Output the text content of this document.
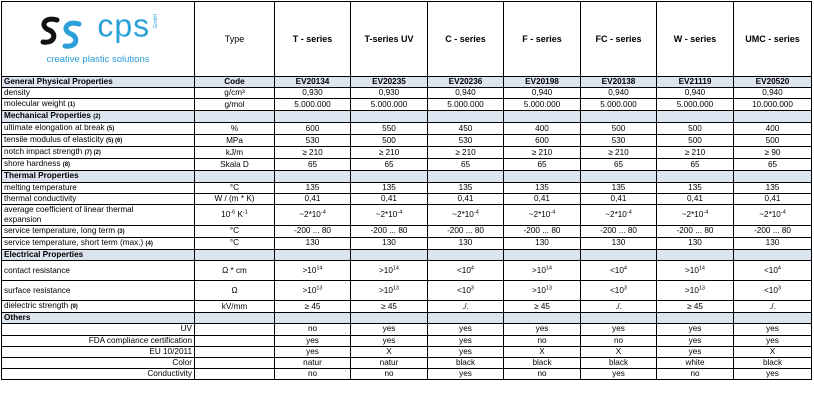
cps GmbH
creative plastic solutions	Type	T - series	T-series UV	C - series	F - series	FC - series	W - series	UMC - series
General Physical Properties	Code	EV20134	EV20235	EV20236	EV20198	EV20138	EV21119	EV20520
density	g/cm³	0,930	0,930	0,940	0,940	0,940	0,940	0,940
molecular weight (1)	g/mol	5.000.000	5.000.000	5.000.000	5.000.000	5.000.000	5.000.000	10.000.000
Mechanical Properties (2)								
ultimate elongation at break (5)	%	600	550	450	400	500	500	400
tensile modulus of elasticity (5) (6)	MPa	530	500	530	600	530	500	500
notch impact strength (7) (2)	kJ/m	≥ 210	≥ 210	≥ 210	≥ 210	≥ 210	≥ 210	≥ 90
shore hardness (8)	Skala D	65	65	65	65	65	65	65
Thermal Properties								
melting temperature	°C	135	135	135	135	135	135	135
thermal conductivity	W / (m * K)	0,41	0,41	0,41	0,41	0,41	0,41	0,41

average coefficient of linear thermal
expansion	$10^{-6}$ $K^{-1}$	$\sim 2*10^{-4}$	$\sim 2*10^{-4}$	$\sim 2*10^{-4}$	$\sim 2*10^{-4}$	$\sim 2*10^{-4}$	$\sim 2*10^{-4}$	$\sim 2*10^{-4}$
service temperature, long term (3)	°C	-200 ... 80	-200 ... 80	-200 ... 80	-200 ... 80	-200 ... 80	-200 ... 80	-200 ... 80
service temperature, short term (max.) (4)	°C	130	130	130	130	130	130	130
Electrical Properties								
contact resistance	Ω * cm	$>10^{14}$	$>10^{14}$	$<10^4$	$>10^{14}$	$<10^4$	$>10^{14}$	$<10^4$
surface resistance	Ω	$>10^{13}$	$>10^{13}$	$<10^3$	$>10^{13}$	$<10^3$	$>10^{13}$	$<10^3$
dielectric strength (9)	kV/mm	≥ 45	≥ 45	./.	≥ 45	./.	≥ 45	./.
Others								
UV		no	yes	yes	yes	yes	yes	yes
FDA compliance certification		yes	yes	yes	no	no	yes	yes
EU 10/2011		yes	X	yes	X	X	yes	X
Color		natur	natur	black	black	black	white	black
Conductivity		no	no	yes	no	yes	no	yes
